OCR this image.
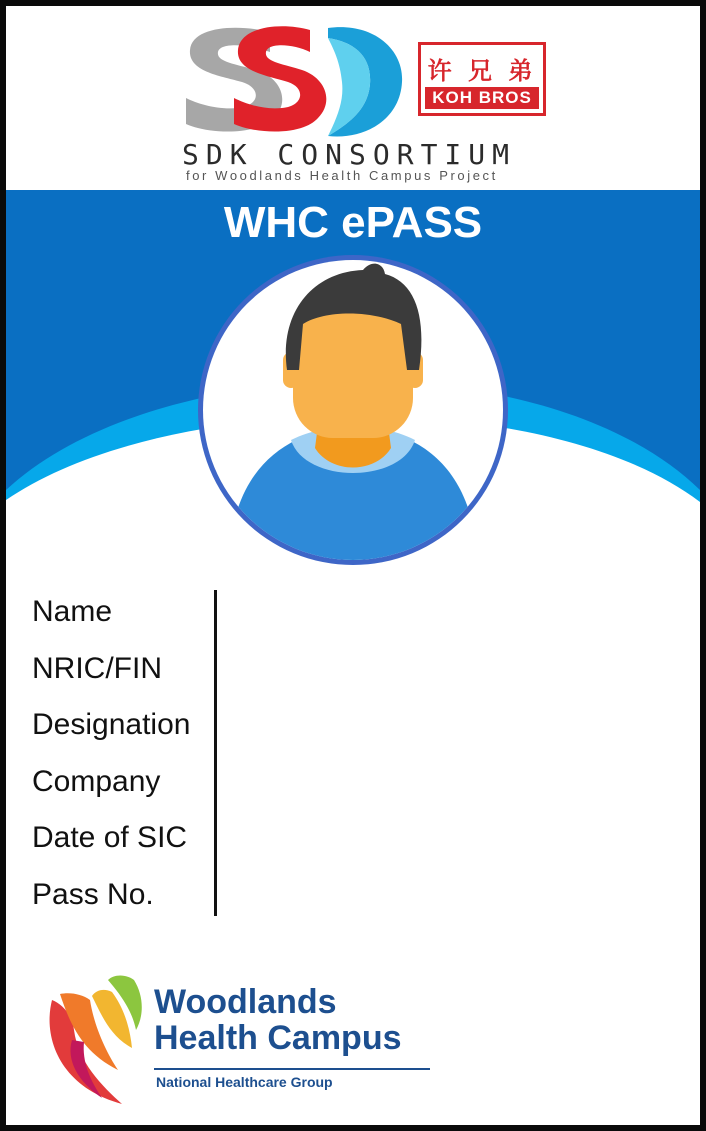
许 兄 弟
KOH BROS
SDK CONSORTIUM
for Woodlands Health Campus Project
WHC ePASS
Name
NRIC/FIN
Designation
Company
Date of SIC
Pass No.
Woodlands
Health Campus
National Healthcare Group
